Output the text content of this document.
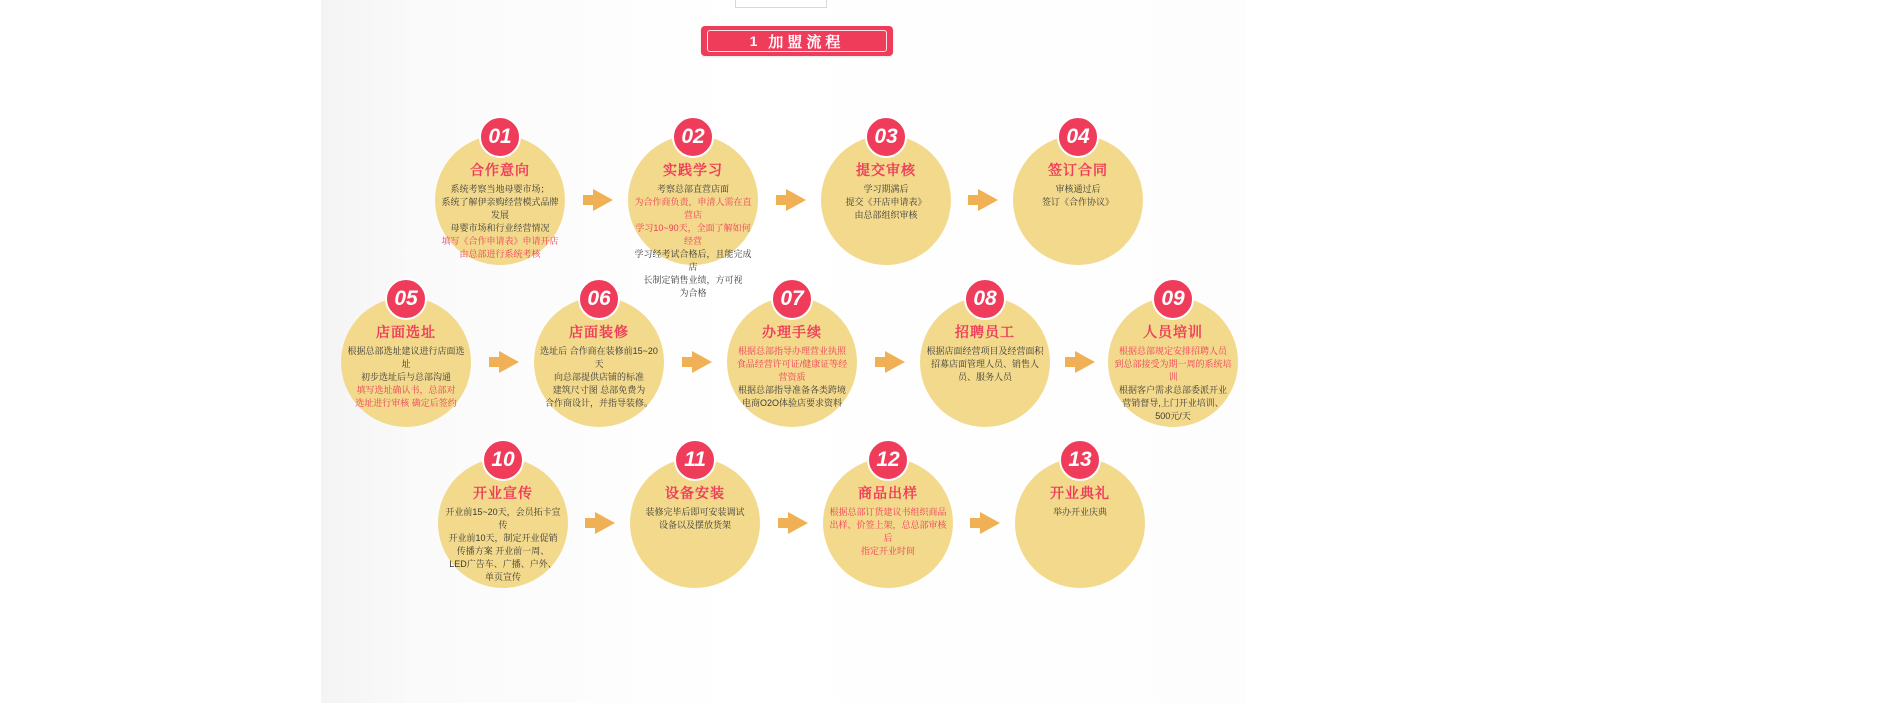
1 加盟流程
01
合作意向
系统考察当地母婴市场；
系统了解伊亲购经营模式品牌发展
母婴市场和行业经营情况
填写《合作申请表》申请开店
由总部进行系统考核
02
实践学习
考察总部直营店面
为合作商负责，申清人需在直营店
学习10~90天，全面了解如何经营
学习经考试合格后，且能完成店
长制定销售业绩，方可视
为合格
03
提交审核
学习期满后
提交《开店申请表》
由总部组织审核
04
签订合同
审核通过后
签订《合作协议》
05
店面选址
根据总部选址建议进行店面选址
初步选址后与总部沟通
填写选址确认书，总部对
选址进行审核 确定后签约
06
店面装修
选址后 合作商在装修前15~20天
向总部提供店铺的标准
建筑尺寸图 总部免费为
合作商设计，并指导装修。
07
办理手续
根据总部指导办理营业执照
食品经营许可证/健康证等经营资质
根据总部指导准备各类跨境
电商O2O体验店要求资料
08
招聘员工
根据店面经营项目及经营面积
招募店面管理人员、销售人
员、服务人员
09
人员培训
根据总部规定安排招聘人员
到总部接受为期一周的系统培训
根据客户需求总部委派开业
营销督导,上门开业培训、
500元/天
10
开业宣传
开业前15~20天，会员拓卡宣传
开业前10天，制定开业促销
传播方案 开业前一周、
LED广告车、广播、户外、
单页宣传
11
设备安装
装修完毕后即可安装调试
设备以及摆放货架
12
商品出样
根据总部订货建议书组织商品
出样、价签上架，总总部审核后
指定开业时间
13
开业典礼
举办开业庆典
